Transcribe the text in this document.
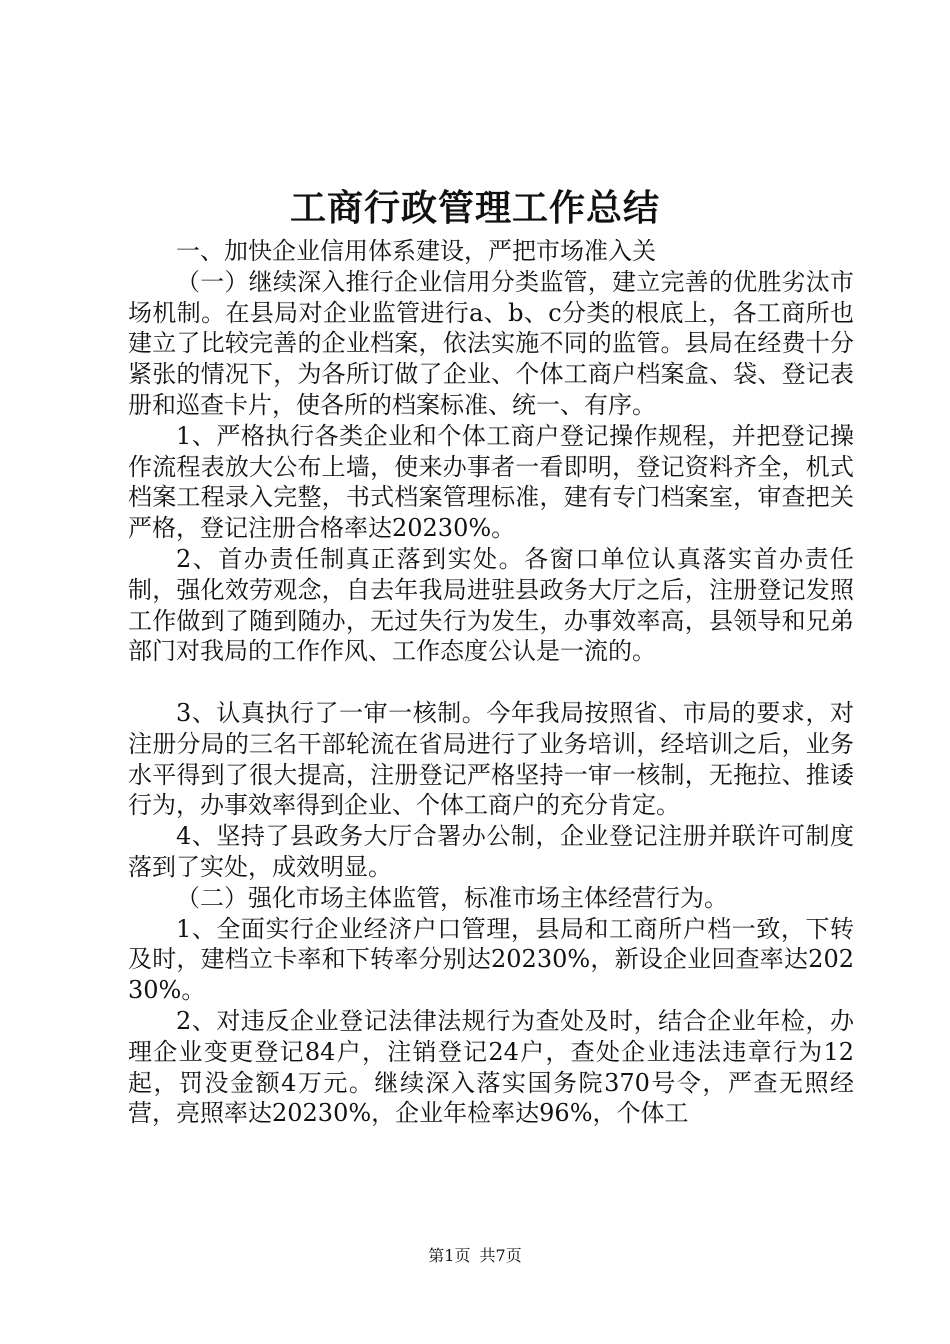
工商行政管理工作总结

一、加快企业信用体系建设，严把市场准入关

（一）继续深入推行企业信用分类监管，建立完善的优胜劣汰市场机制。在县局对企业监管进行a、b、c分类的根底上，各工商所也建立了比较完善的企业档案，依法实施不同的监管。县局在经费十分紧张的情况下，为各所订做了企业、个体工商户档案盒、袋、登记表册和巡查卡片，使各所的档案标准、统一、有序。

1、严格执行各类企业和个体工商户登记操作规程，并把登记操作流程表放大公布上墙，使来办事者一看即明，登记资料齐全，机式档案工程录入完整，书式档案管理标准，建有专门档案室，审查把关严格，登记注册合格率达20230%。

2、首办责任制真正落到实处。各窗口单位认真落实首办责任制，强化效劳观念，自去年我局进驻县政务大厅之后，注册登记发照工作做到了随到随办，无过失行为发生，办事效率高，县领导和兄弟部门对我局的工作作风、工作态度公认是一流的。

3、认真执行了一审一核制。今年我局按照省、市局的要求，对注册分局的三名干部轮流在省局进行了业务培训，经培训之后，业务水平得到了很大提高，注册登记严格坚持一审一核制，无拖拉、推诿行为，办事效率得到企业、个体工商户的充分肯定。

4、坚持了县政务大厅合署办公制，企业登记注册并联许可制度落到了实处，成效明显。

（二）强化市场主体监管，标准市场主体经营行为。

1、全面实行企业经济户口管理，县局和工商所户档一致，下转及时，建档立卡率和下转率分别达20230%，新设企业回查率达20230%。

2、对违反企业登记法律法规行为查处及时，结合企业年检，办理企业变更登记84户，注销登记24户，查处企业违法违章行为12起，罚没金额4万元。继续深入落实国务院370号令，严查无照经营，亮照率达20230%，企业年检率达96%，个体工

第1页 共7页
